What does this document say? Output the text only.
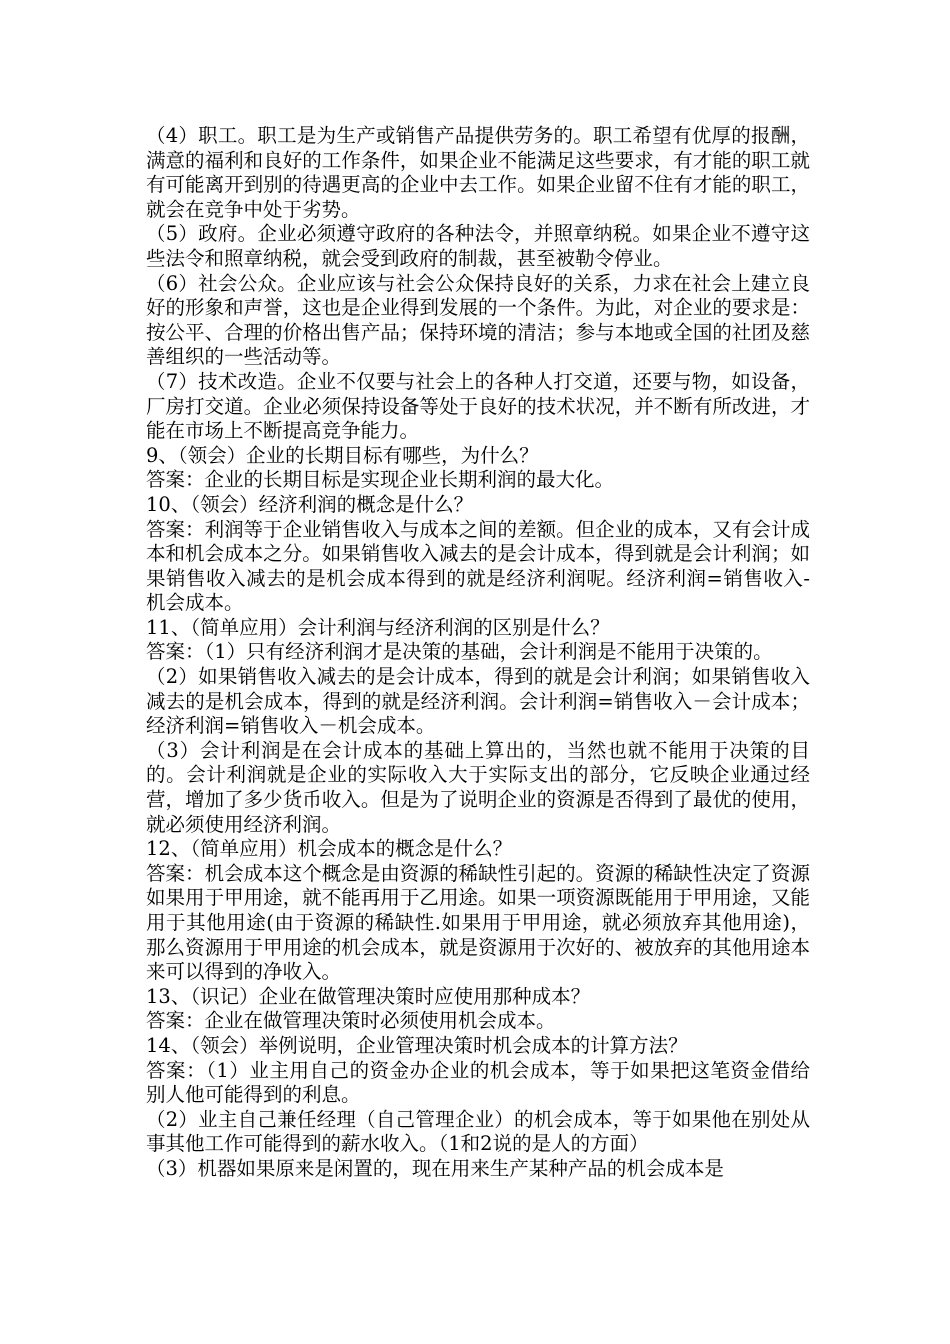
（4）职工。职工是为生产或销售产品提供劳务的。职工希望有优厚的报酬，满意的福利和良好的工作条件，如果企业不能满足这些要求，有才能的职工就有可能离开到别的待遇更高的企业中去工作。如果企业留不住有才能的职工，就会在竞争中处于劣势。

（5）政府。企业必须遵守政府的各种法令，并照章纳税。如果企业不遵守这些法令和照章纳税，就会受到政府的制裁，甚至被勒令停业。

（6）社会公众。企业应该与社会公众保持良好的关系，力求在社会上建立良好的形象和声誉，这也是企业得到发展的一个条件。为此，对企业的要求是：按公平、合理的价格出售产品；保持环境的清洁；参与本地或全国的社团及慈善组织的一些活动等。

（7）技术改造。企业不仅要与社会上的各种人打交道，还要与物，如设备，厂房打交道。企业必须保持设备等处于良好的技术状况，并不断有所改进，才能在市场上不断提高竞争能力。

9、（领会）企业的长期目标有哪些，为什么？

答案：企业的长期目标是实现企业长期利润的最大化。

10、（领会）经济利润的概念是什么？

答案：利润等于企业销售收入与成本之间的差额。但企业的成本，又有会计成本和机会成本之分。如果销售收入减去的是会计成本，得到就是会计利润；如果销售收入减去的是机会成本得到的就是经济利润呢。经济利润=销售收入-机会成本。

11、（简单应用）会计利润与经济利润的区别是什么？

答案：（1）只有经济利润才是决策的基础，会计利润是不能用于决策的。

（2）如果销售收入减去的是会计成本，得到的就是会计利润；如果销售收入减去的是机会成本，得到的就是经济利润。会计利润=销售收入－会计成本；经济利润=销售收入－机会成本。

（3）会计利润是在会计成本的基础上算出的，当然也就不能用于决策的目的。会计利润就是企业的实际收入大于实际支出的部分，它反映企业通过经营，增加了多少货币收入。但是为了说明企业的资源是否得到了最优的使用，就必须使用经济利润。

12、（简单应用）机会成本的概念是什么？

答案：机会成本这个概念是由资源的稀缺性引起的。资源的稀缺性决定了资源如果用于甲用途，就不能再用于乙用途。如果一项资源既能用于甲用途，又能用于其他用途(由于资源的稀缺性.如果用于甲用途，就必须放弃其他用途)，那么资源用于甲用途的机会成本，就是资源用于次好的、被放弃的其他用途本来可以得到的净收入。

13、（识记）企业在做管理决策时应使用那种成本？

答案：企业在做管理决策时必须使用机会成本。

14、（领会）举例说明，企业管理决策时机会成本的计算方法？

答案：（1）业主用自己的资金办企业的机会成本，等于如果把这笔资金借给别人他可能得到的利息。

（2）业主自己兼任经理（自己管理企业）的机会成本，等于如果他在别处从事其他工作可能得到的薪水收入。（1和2说的是人的方面）

（3）机器如果原来是闲置的，现在用来生产某种产品的机会成本是
